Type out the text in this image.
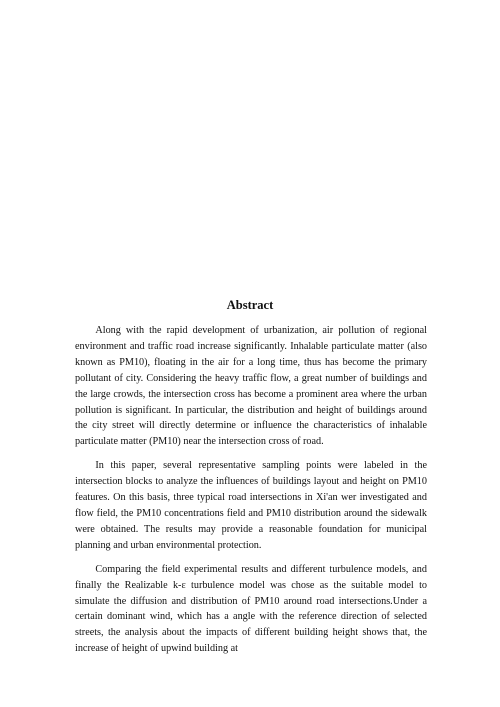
Abstract

Along with the rapid development of urbanization, air pollution of regional environment and traffic road increase significantly. Inhalable particulate matter (also known as PM10), floating in the air for a long time, thus has become the primary pollutant of city. Considering the heavy traffic flow, a great number of buildings and the large crowds, the intersection cross has become a prominent area where the urban pollution is significant. In particular, the distribution and height of buildings around the city street will directly determine or influence the characteristics of inhalable particulate matter (PM10) near the intersection cross of road.

In this paper, several representative sampling points were labeled in the intersection blocks to analyze the influences of buildings layout and height on PM10 features. On this basis, three typical road intersections in Xi'an wer investigated and flow field, the PM10 concentrations field and PM10 distribution around the sidewalk were obtained. The results may provide a reasonable foundation for municipal planning and urban environmental protection.

Comparing the field experimental results and different turbulence models, and finally the Realizable k-ε turbulence model was chose as the suitable model to simulate the diffusion and distribution of PM10 around road intersections.Under a certain dominant wind, which has a angle with the reference direction of selected streets, the analysis about the impacts of different building height shows that, the increase of height of upwind building at
